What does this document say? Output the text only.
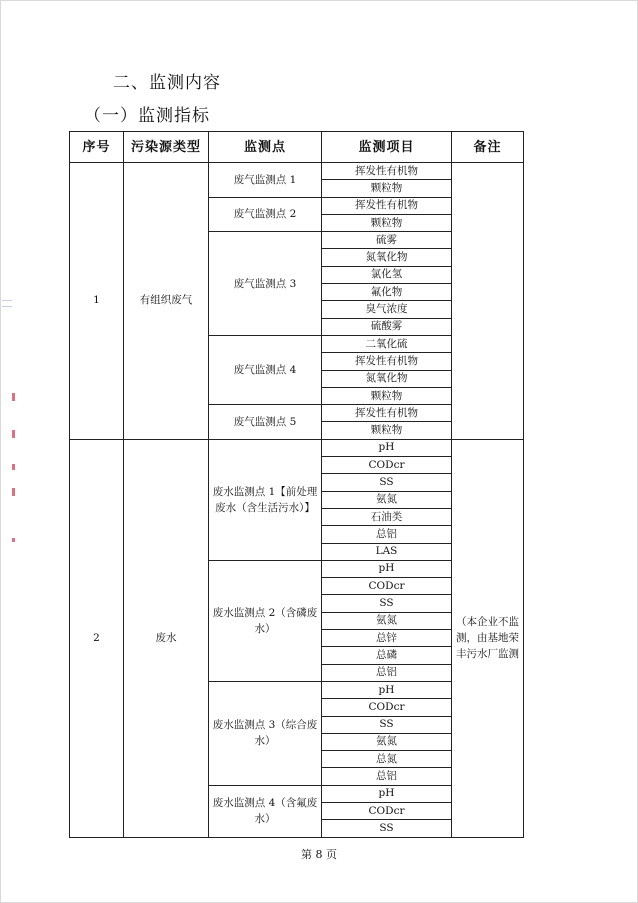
二、监测内容
（一）监测指标
序号	污染源类型	监测点	监测项目	备注
1	有组织废气	废气监测点 1	挥发性有机物	
			颗粒物	
		废气监测点 2	挥发性有机物	
			颗粒物	
		废气监测点 3	硫雾	
			氮氧化物	
			氯化氢	
			氟化物	
			臭气浓度	
			硫酸雾	
		废气监测点 4	二氧化硫	
			挥发性有机物	
			氮氧化物	
			颗粒物	
		废气监测点 5	挥发性有机物	
			颗粒物	
2	废水	废水监测点 1【前处理废水（含生活污水）】	pH	（本企业不监测，由基地荣丰污水厂监测
			CODcr	
			SS	
			氨氮	
			石油类	
			总铝	
			LAS	
		废水监测点 2（含磷废水）	pH	
			CODcr	
			SS	
			氨氮	
			总锌	
			总磷	
			总铝	
		废水监测点 3（综合废水）	pH	
			CODcr	
			SS	
			氨氮	
			总氮	
			总铝	
		废水监测点 4（含氟废水）	pH	
			CODcr	
			SS	
第 8 页
